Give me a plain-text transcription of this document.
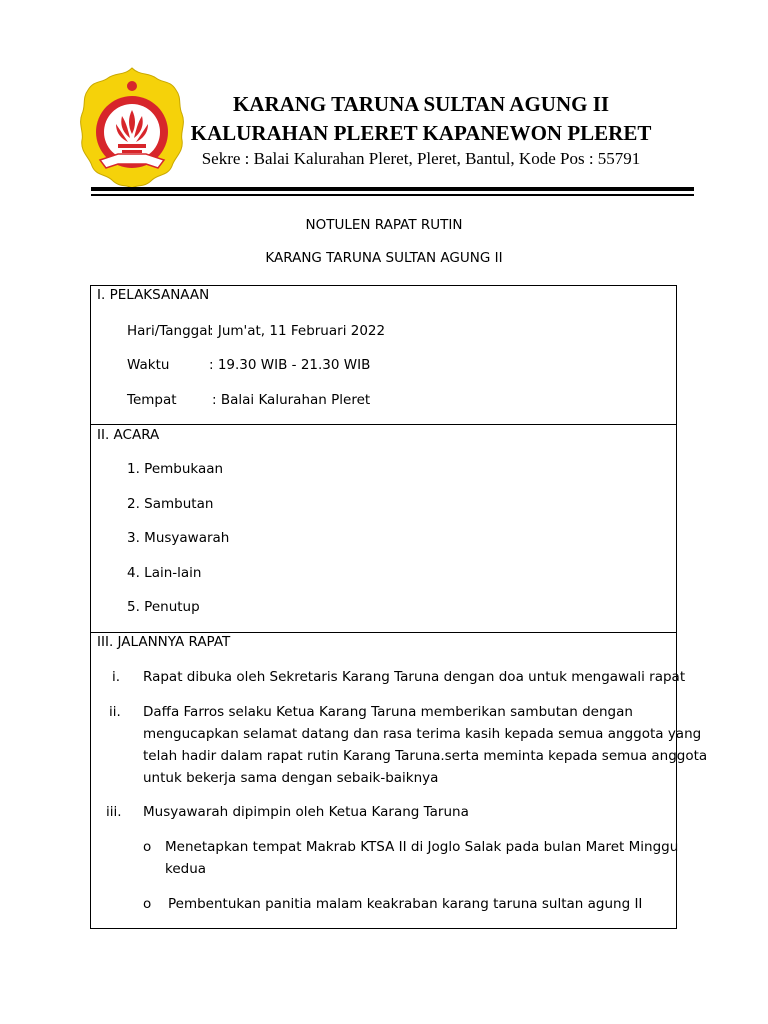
KARANG TARUNA SULTAN AGUNG II
KALURAHAN PLERET KAPANEWON PLERET
Sekre : Balai Kalurahan Pleret, Pleret, Bantul, Kode Pos : 55791
NOTULEN RAPAT RUTIN
KARANG TARUNA SULTAN AGUNG II
I. PELAKSANAAN
Hari/Tanggal
: Jum'at, 11 Februari 2022
Waktu	: 19.30 WIB - 21.30 WIB
Tempat	: Balai Kalurahan Pleret
II. ACARA
1. Pembukaan
2. Sambutan
3. Musyawarah
4. Lain-lain
5. Penutup
III. JALANNYA RAPAT
i. Rapat dibuka oleh Sekretaris Karang Taruna dengan doa untuk mengawali rapat
ii. Daffa Farros selaku Ketua Karang Taruna memberikan sambutan dengan
mengucapkan selamat datang dan rasa terima kasih kepada semua anggota yang
telah hadir dalam rapat rutin Karang Taruna.serta meminta kepada semua anggota
untuk bekerja sama dengan sebaik-baiknya
iii. Musyawarah dipimpin oleh Ketua Karang Taruna
o Menetapkan tempat Makrab KTSA II di Joglo Salak pada bulan Maret Minggu
kedua
o Pembentukan panitia malam keakraban karang taruna sultan agung II
